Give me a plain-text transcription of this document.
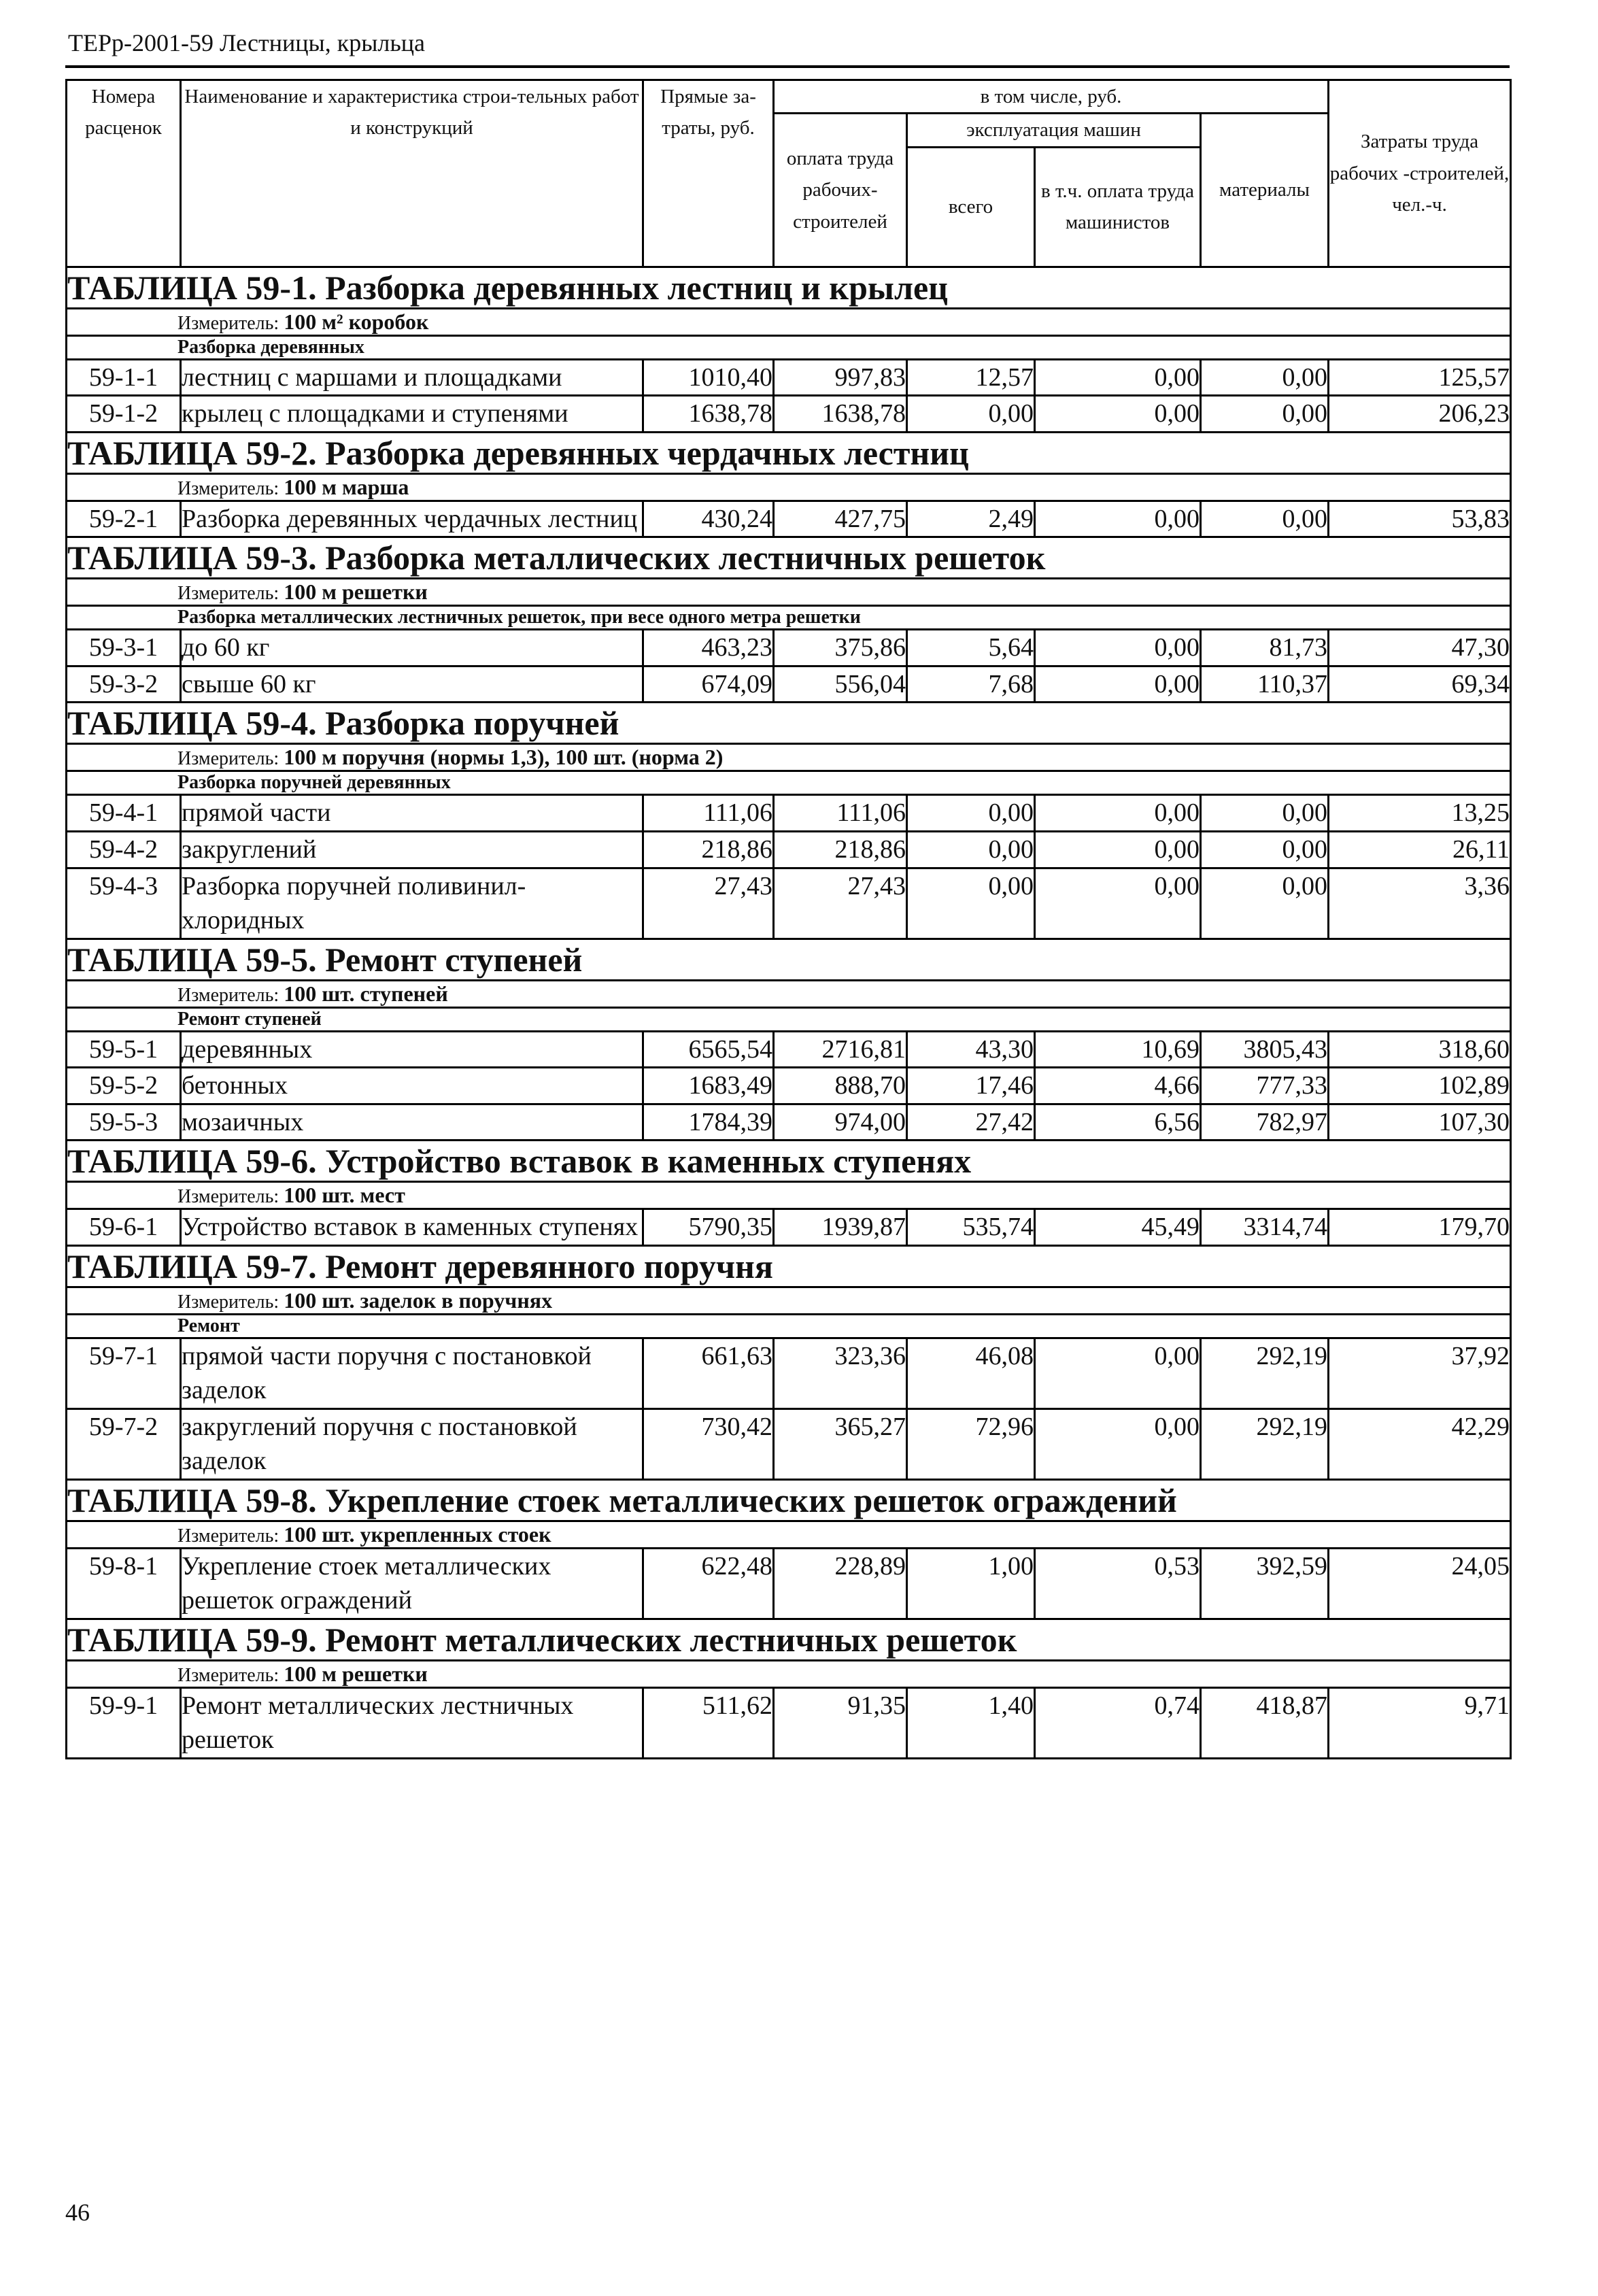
ТЕРр-2001-59 Лестницы, крыльца
Номера расценок	Наименование и характеристика строи-тельных работ и конструкций	Прямые за-траты, руб.	в том числе, руб.				Затраты труда рабочих -строителей, чел.-ч.
			оплата труда рабочих-строителей	эксплуатация машин		материалы	
				всего	в т.ч. оплата труда машинистов		
ТАБЛИЦА 59-1. Разборка деревянных лестниц и крылец							
Измеритель: 100 м² коробок							
Разборка деревянных							
59-1-1	лестниц с маршами и площадками	1010,40	997,83	12,57	0,00	0,00	125,57
59-1-2	крылец с площадками и ступенями	1638,78	1638,78	0,00	0,00	0,00	206,23
ТАБЛИЦА 59-2. Разборка деревянных чердачных лестниц							
Измеритель: 100 м марша							
59-2-1	Разборка деревянных чердачных лестниц	430,24	427,75	2,49	0,00	0,00	53,83
ТАБЛИЦА 59-3. Разборка металлических лестничных решеток							
Измеритель: 100 м решетки							
Разборка металлических лестничных решеток, при весе одного метра решетки							
59-3-1	до 60 кг	463,23	375,86	5,64	0,00	81,73	47,30
59-3-2	свыше 60 кг	674,09	556,04	7,68	0,00	110,37	69,34
ТАБЛИЦА 59-4. Разборка поручней							
Измеритель: 100 м поручня (нормы 1,3), 100 шт. (норма 2)							
Разборка поручней деревянных							
59-4-1	прямой части	111,06	111,06	0,00	0,00	0,00	13,25
59-4-2	закруглений	218,86	218,86	0,00	0,00	0,00	26,11
59-4-3	Разборка поручней поливинил-хлоридных	27,43	27,43	0,00	0,00	0,00	3,36
ТАБЛИЦА 59-5. Ремонт ступеней							
Измеритель: 100 шт. ступеней							
Ремонт ступеней							
59-5-1	деревянных	6565,54	2716,81	43,30	10,69	3805,43	318,60
59-5-2	бетонных	1683,49	888,70	17,46	4,66	777,33	102,89
59-5-3	мозаичных	1784,39	974,00	27,42	6,56	782,97	107,30
ТАБЛИЦА 59-6. Устройство вставок в каменных ступенях							
Измеритель: 100 шт. мест							
59-6-1	Устройство вставок в каменных ступенях	5790,35	1939,87	535,74	45,49	3314,74	179,70
ТАБЛИЦА 59-7. Ремонт деревянного поручня							
Измеритель: 100 шт. заделок в поручнях							
Ремонт							
59-7-1	прямой части поручня с постановкой заделок	661,63	323,36	46,08	0,00	292,19	37,92
59-7-2	закруглений поручня с постановкой заделок	730,42	365,27	72,96	0,00	292,19	42,29
ТАБЛИЦА 59-8. Укрепление стоек металлических решеток ограждений							
Измеритель: 100 шт. укрепленных стоек							
59-8-1	Укрепление стоек металлических решеток ограждений	622,48	228,89	1,00	0,53	392,59	24,05
ТАБЛИЦА 59-9. Ремонт металлических лестничных решеток							
Измеритель: 100 м решетки							
59-9-1	Ремонт металлических лестничных решеток	511,62	91,35	1,40	0,74	418,87	9,71
46
